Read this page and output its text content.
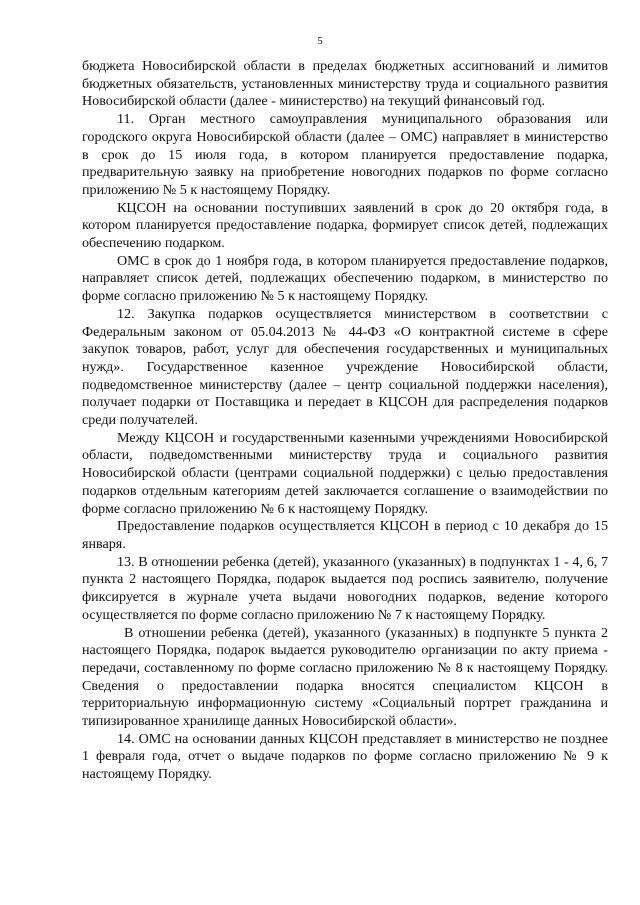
5

бюджета Новосибирской области в пределах бюджетных ассигнований и лимитов бюджетных обязательств, установленных министерству труда и социального развития Новосибирской области (далее - министерство) на текущий финансовый год.

11. Орган местного самоуправления муниципального образования или городского округа Новосибирской области (далее – ОМС) направляет в министерство в срок до 15 июля года, в котором планируется предоставление подарка, предварительную заявку на приобретение новогодних подарков по форме согласно приложению № 5 к настоящему Порядку.

КЦСОН на основании поступивших заявлений в срок до 20 октября года, в котором планируется предоставление подарка, формирует список детей, подлежащих обеспечению подарком.

ОМС в срок до 1 ноября года, в котором планируется предоставление подарков, направляет список детей, подлежащих обеспечению подарком, в министерство по форме согласно приложению № 5 к настоящему Порядку.

12. Закупка подарков осуществляется министерством в соответствии с Федеральным законом от 05.04.2013 № 44-ФЗ «О контрактной системе в сфере закупок товаров, работ, услуг для обеспечения государственных и муниципальных нужд». Государственное казенное учреждение Новосибирской области, подведомственное министерству (далее – центр социальной поддержки населения), получает подарки от Поставщика и передает в КЦСОН для распределения подарков среди получателей.

Между КЦСОН и государственными казенными учреждениями Новосибирской области, подведомственными министерству труда и социального развития Новосибирской области (центрами социальной поддержки) с целью предоставления подарков отдельным категориям детей заключается соглашение о взаимодействии по форме согласно приложению № 6 к настоящему Порядку.

Предоставление подарков осуществляется КЦСОН в период с 10 декабря до 15 января.

13. В отношении ребенка (детей), указанного (указанных) в подпунктах 1 - 4, 6, 7 пункта 2 настоящего Порядка, подарок выдается под роспись заявителю, получение фиксируется в журнале учета выдачи новогодних подарков, ведение которого осуществляется по форме согласно приложению № 7 к настоящему Порядку.

В отношении ребенка (детей), указанного (указанных) в подпункте 5 пункта 2 настоящего Порядка, подарок выдается руководителю организации по акту приема - передачи, составленному по форме согласно приложению № 8 к настоящему Порядку. Сведения о предоставлении подарка вносятся специалистом КЦСОН в территориальную информационную систему «Социальный портрет гражданина и типизированное хранилище данных Новосибирской области».

14. ОМС на основании данных КЦСОН представляет в министерство не позднее 1 февраля года, отчет о выдаче подарков по форме согласно приложению № 9 к настоящему Порядку.
